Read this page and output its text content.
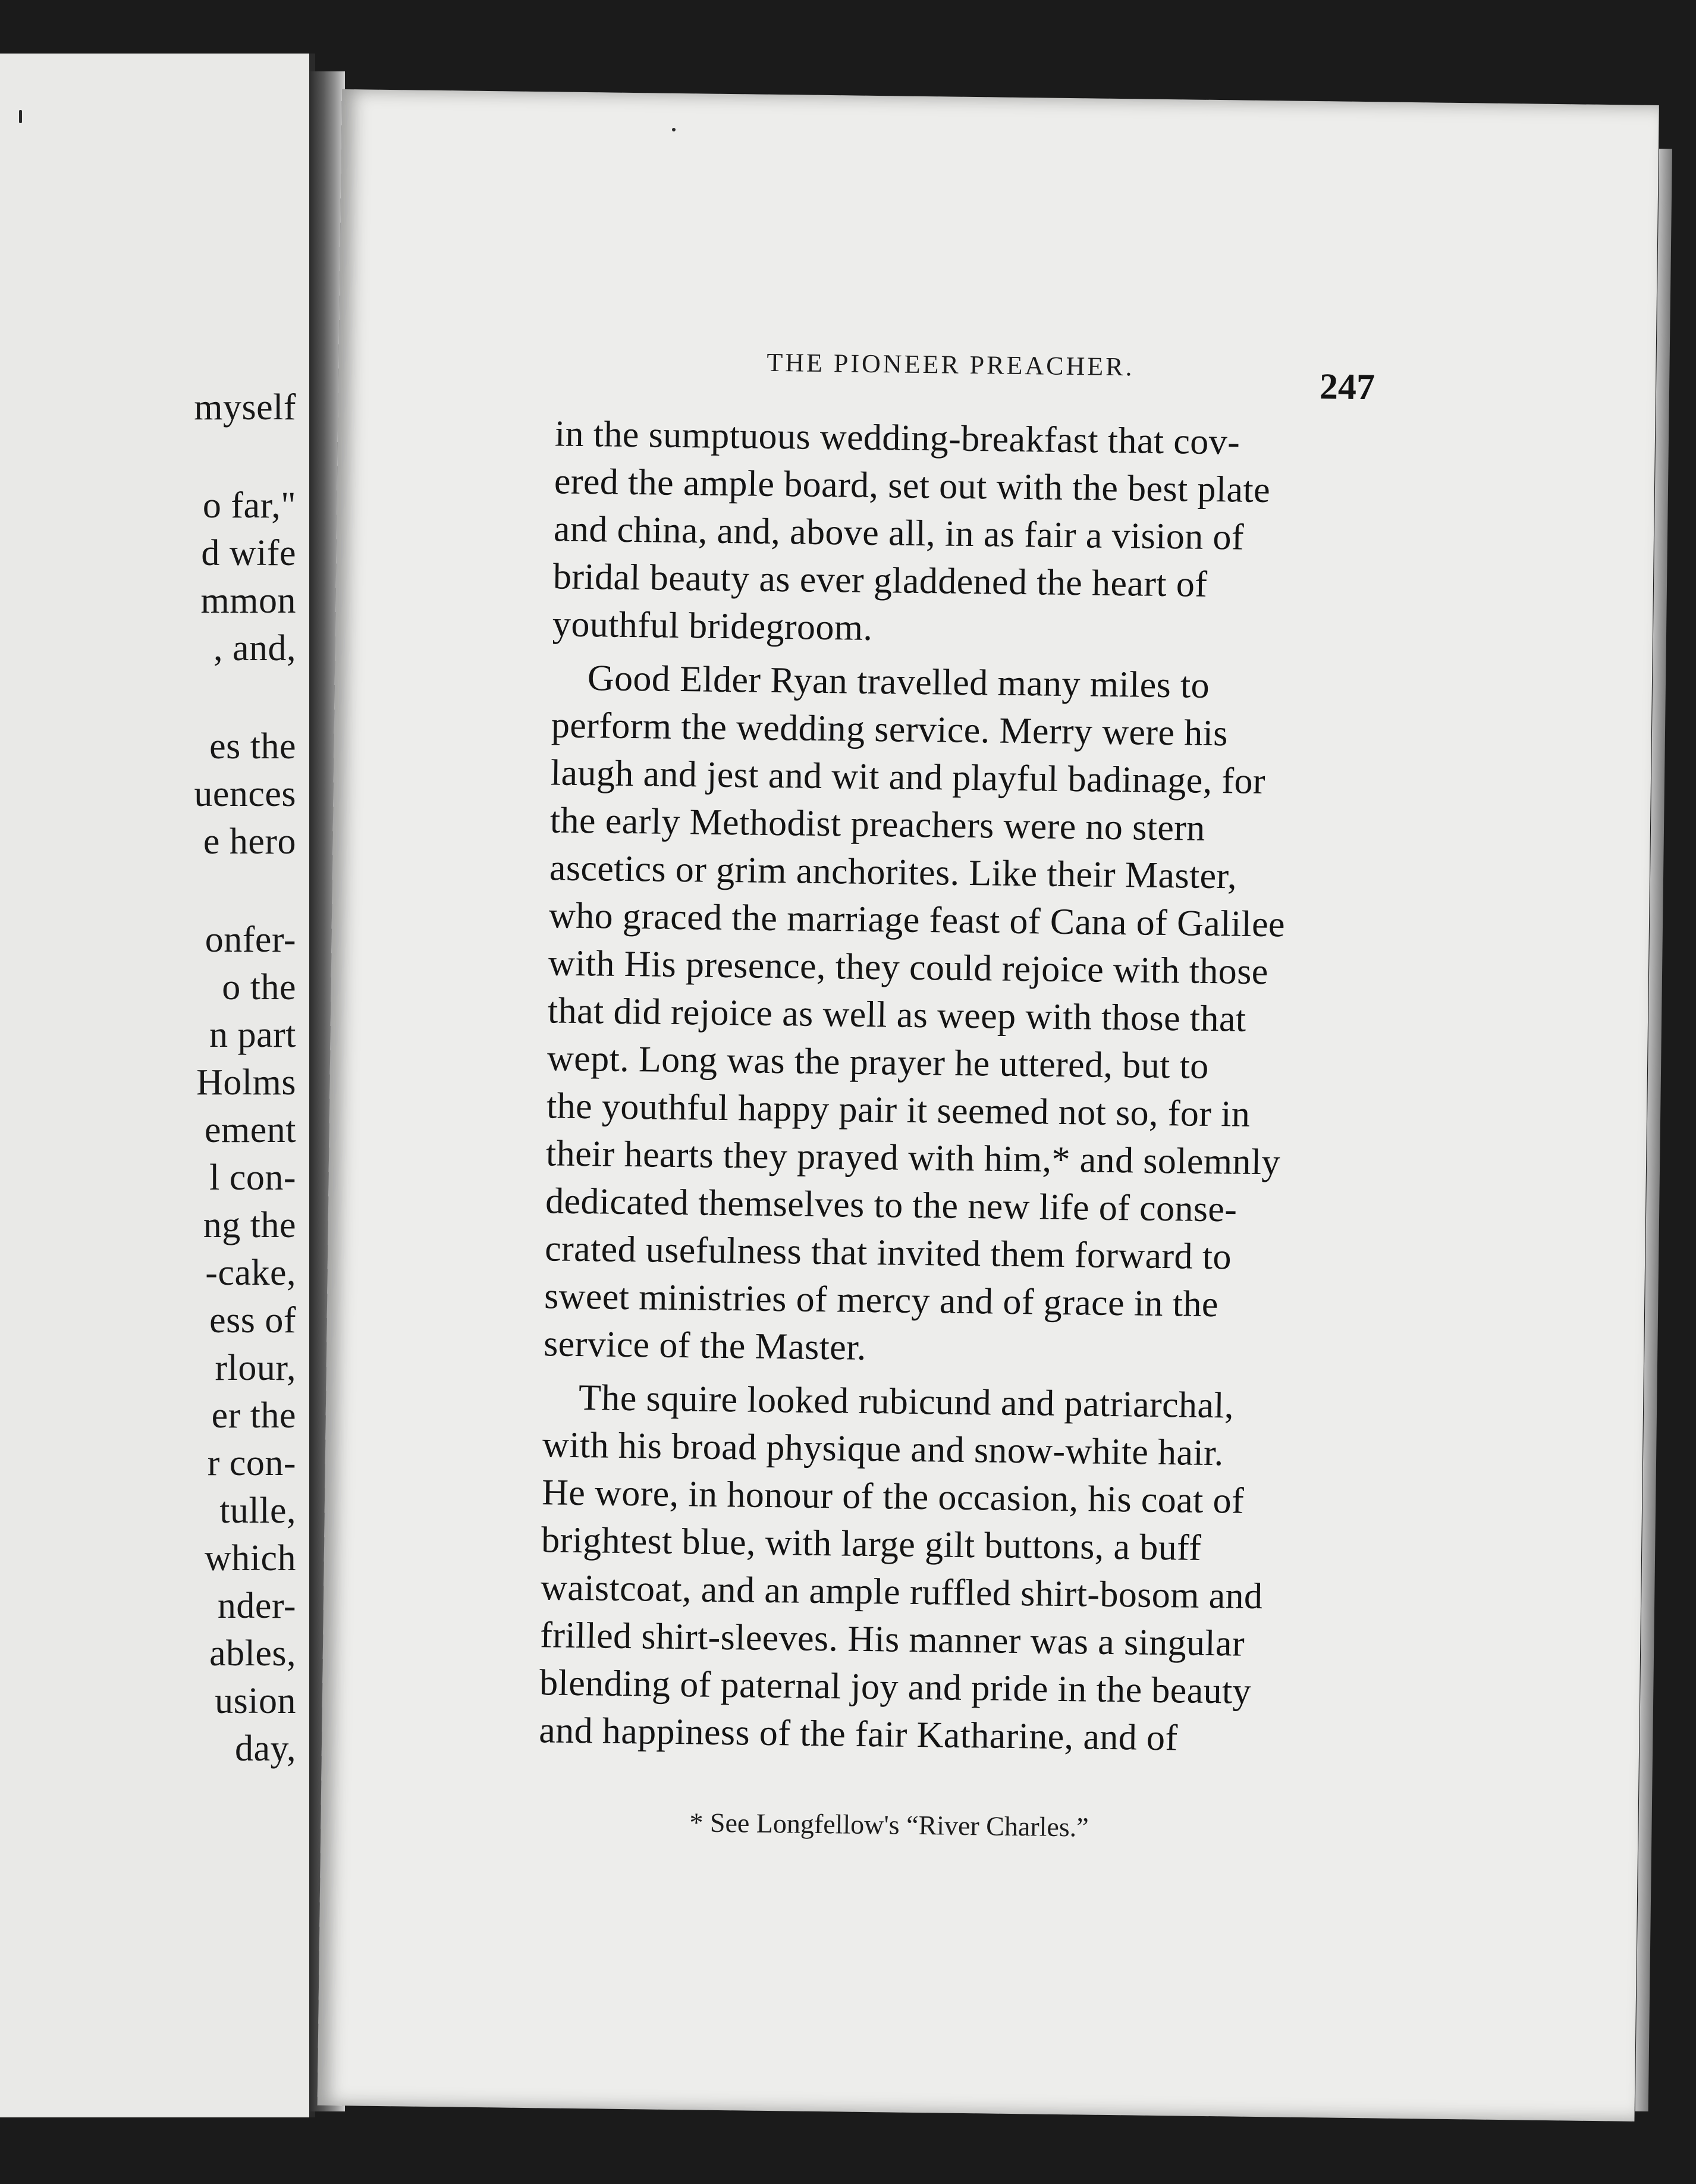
myself
o far,"
d wife
mmon
, and,
es the
uences
e hero
onfer-
o the
n part
Holms
ement
l con-
ng the
-cake,
ess of
rlour,
er the
r con-
tulle,
which
nder-
ables,
usion
day,
THE PIONEER PREACHER.
247
in the sumptuous wedding-breakfast that cov-
ered the ample board, set out with the best plate
and china, and, above all, in as fair a vision of
bridal beauty as ever gladdened the heart of
youthful bridegroom.
Good Elder Ryan travelled many miles to
perform the wedding service. Merry were his
laugh and jest and wit and playful badinage, for
the early Methodist preachers were no stern
ascetics or grim anchorites. Like their Master,
who graced the marriage feast of Cana of Galilee
with His presence, they could rejoice with those
that did rejoice as well as weep with those that
wept. Long was the prayer he uttered, but to
the youthful happy pair it seemed not so, for in
their hearts they prayed with him,* and solemnly
dedicated themselves to the new life of conse-
crated usefulness that invited them forward to
sweet ministries of mercy and of grace in the
service of the Master.
The squire looked rubicund and patriarchal,
with his broad physique and snow-white hair.
He wore, in honour of the occasion, his coat of
brightest blue, with large gilt buttons, a buff
waistcoat, and an ample ruffled shirt-bosom and
frilled shirt-sleeves. His manner was a singular
blending of paternal joy and pride in the beauty
and happiness of the fair Katharine, and of
* See Longfellow's “River Charles.”
